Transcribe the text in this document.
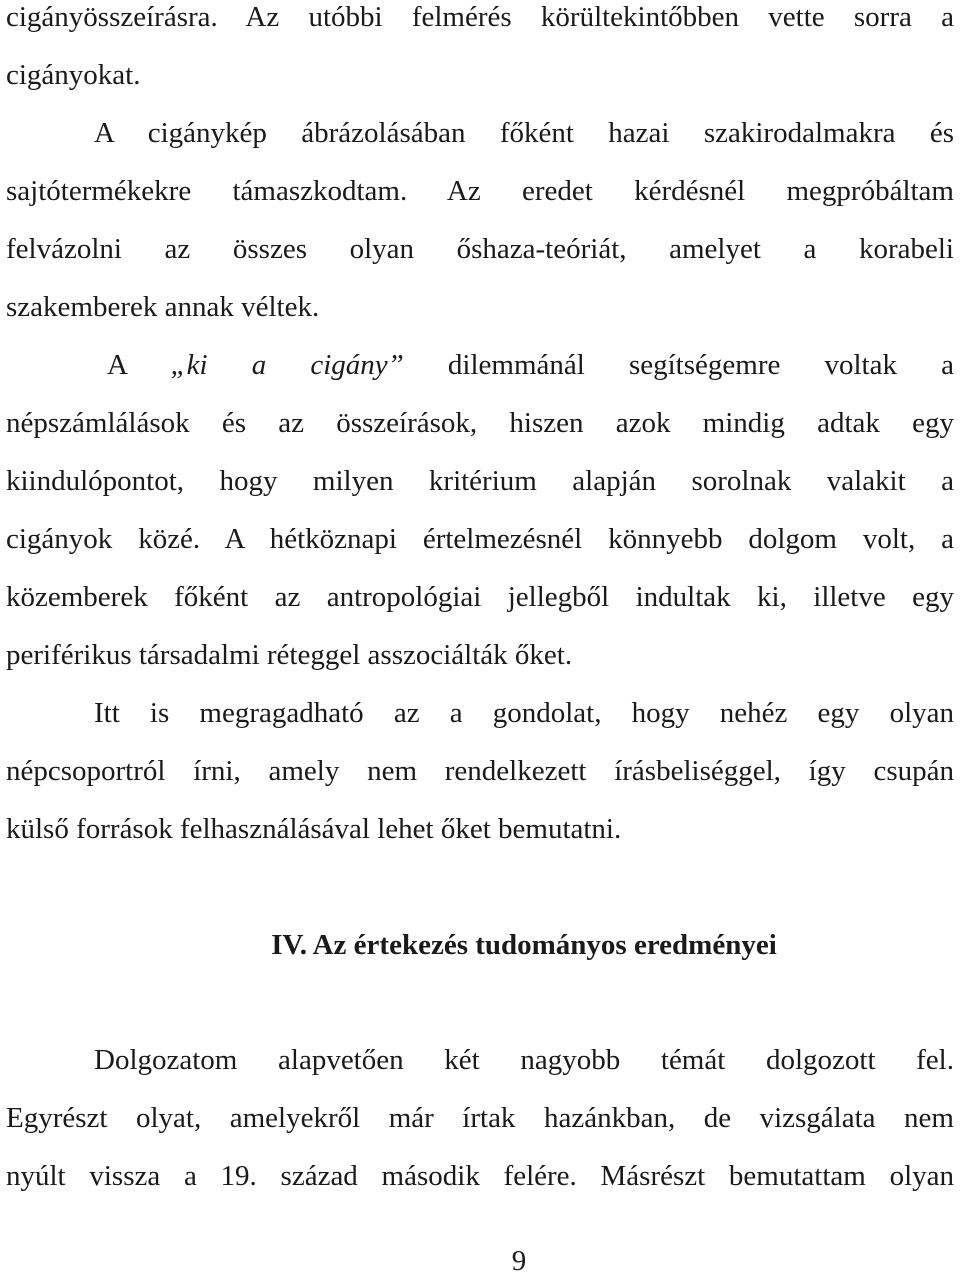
cigányösszeírásra. Az utóbbi felmérés körültekintőbben vette sorra a
cigányokat.
A cigánykép ábrázolásában főként hazai szakirodalmakra és
sajtótermékekre támaszkodtam. Az eredet kérdésnél megpróbáltam
felvázolni az összes olyan őshaza-teóriát, amelyet a korabeli
szakemberek annak véltek.
A „ki a cigány” dilemmánál segítségemre voltak a
népszámlálások és az összeírások, hiszen azok mindig adtak egy
kiindulópontot, hogy milyen kritérium alapján sorolnak valakit a
cigányok közé. A hétköznapi értelmezésnél könnyebb dolgom volt, a
közemberek főként az antropológiai jellegből indultak ki, illetve egy
periférikus társadalmi réteggel asszociálták őket.
Itt is megragadható az a gondolat, hogy nehéz egy olyan
népcsoportról írni, amely nem rendelkezett írásbeliséggel, így csupán
külső források felhasználásával lehet őket bemutatni.
IV. Az értekezés tudományos eredményei
Dolgozatom alapvetően két nagyobb témát dolgozott fel.
Egyrészt olyat, amelyekről már írtak hazánkban, de vizsgálata nem
nyúlt vissza a 19. század második felére. Másrészt bemutattam olyan
9
